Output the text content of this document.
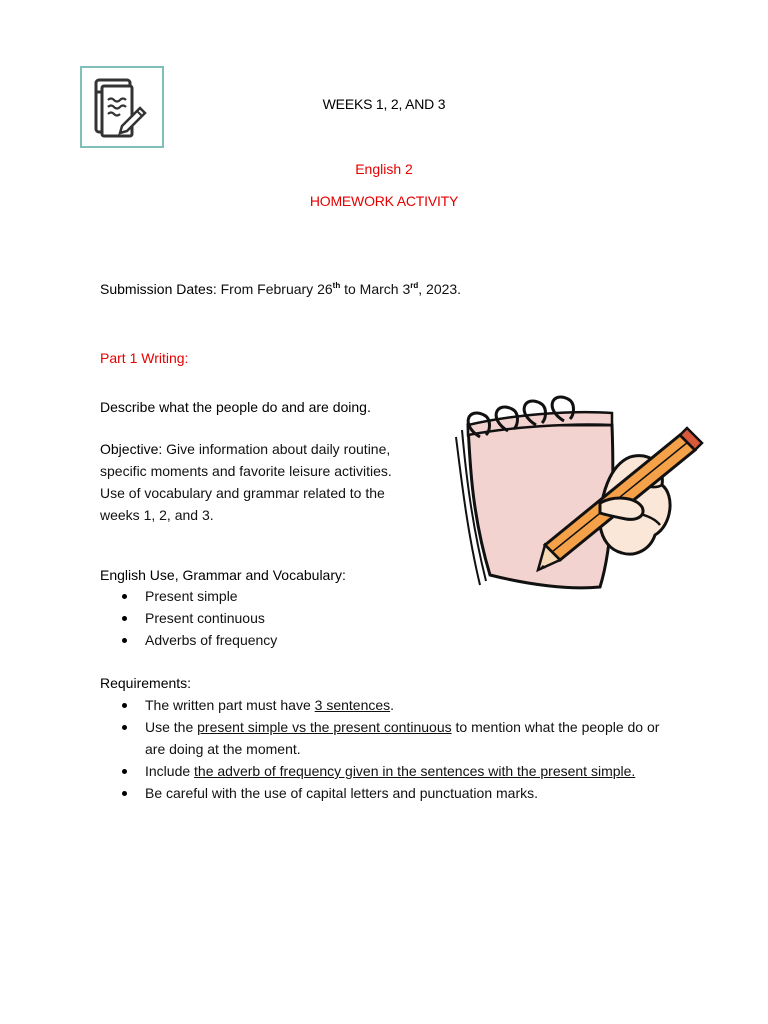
WEEKS 1, 2, AND 3
English 2
HOMEWORK ACTIVITY
Submission Dates: From February 26th to March 3rd, 2023.
Part 1 Writing:
Describe what the people do and are doing.
Objective: Give information about daily routine, specific moments and favorite leisure activities. Use of vocabulary and grammar related to the weeks 1, 2, and 3.
English Use, Grammar and Vocabulary:
Present simple
Present continuous
Adverbs of frequency
Requirements:
The written part must have 3 sentences.
Use the present simple vs the present continuous to mention what the people do or are doing at the moment.
Include the adverb of frequency given in the sentences with the present simple.
Be careful with the use of capital letters and punctuation marks.
